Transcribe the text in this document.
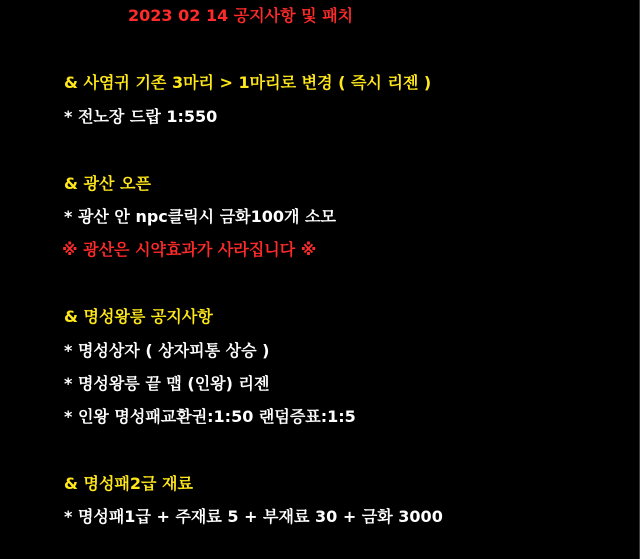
2023 02 14 공지사항 및 패치
& 사염귀 기존 3마리 > 1마리로 변경 ( 즉시 리젠 )
* 전노장 드랍 1:550
& 광산 오픈
* 광산 안 npc클릭시 금화100개 소모
※ 광산은 시약효과가 사라집니다 ※
& 명성왕릉 공지사항
* 명성상자 ( 상자피통 상승 )
* 명성왕릉 끝 맵 (인왕) 리젠
* 인왕 명성패교환권:1:50 랜덤증표:1:5
& 명성패2급 재료
* 명성패1급 + 주재료 5 + 부재료 30 + 금화 3000
